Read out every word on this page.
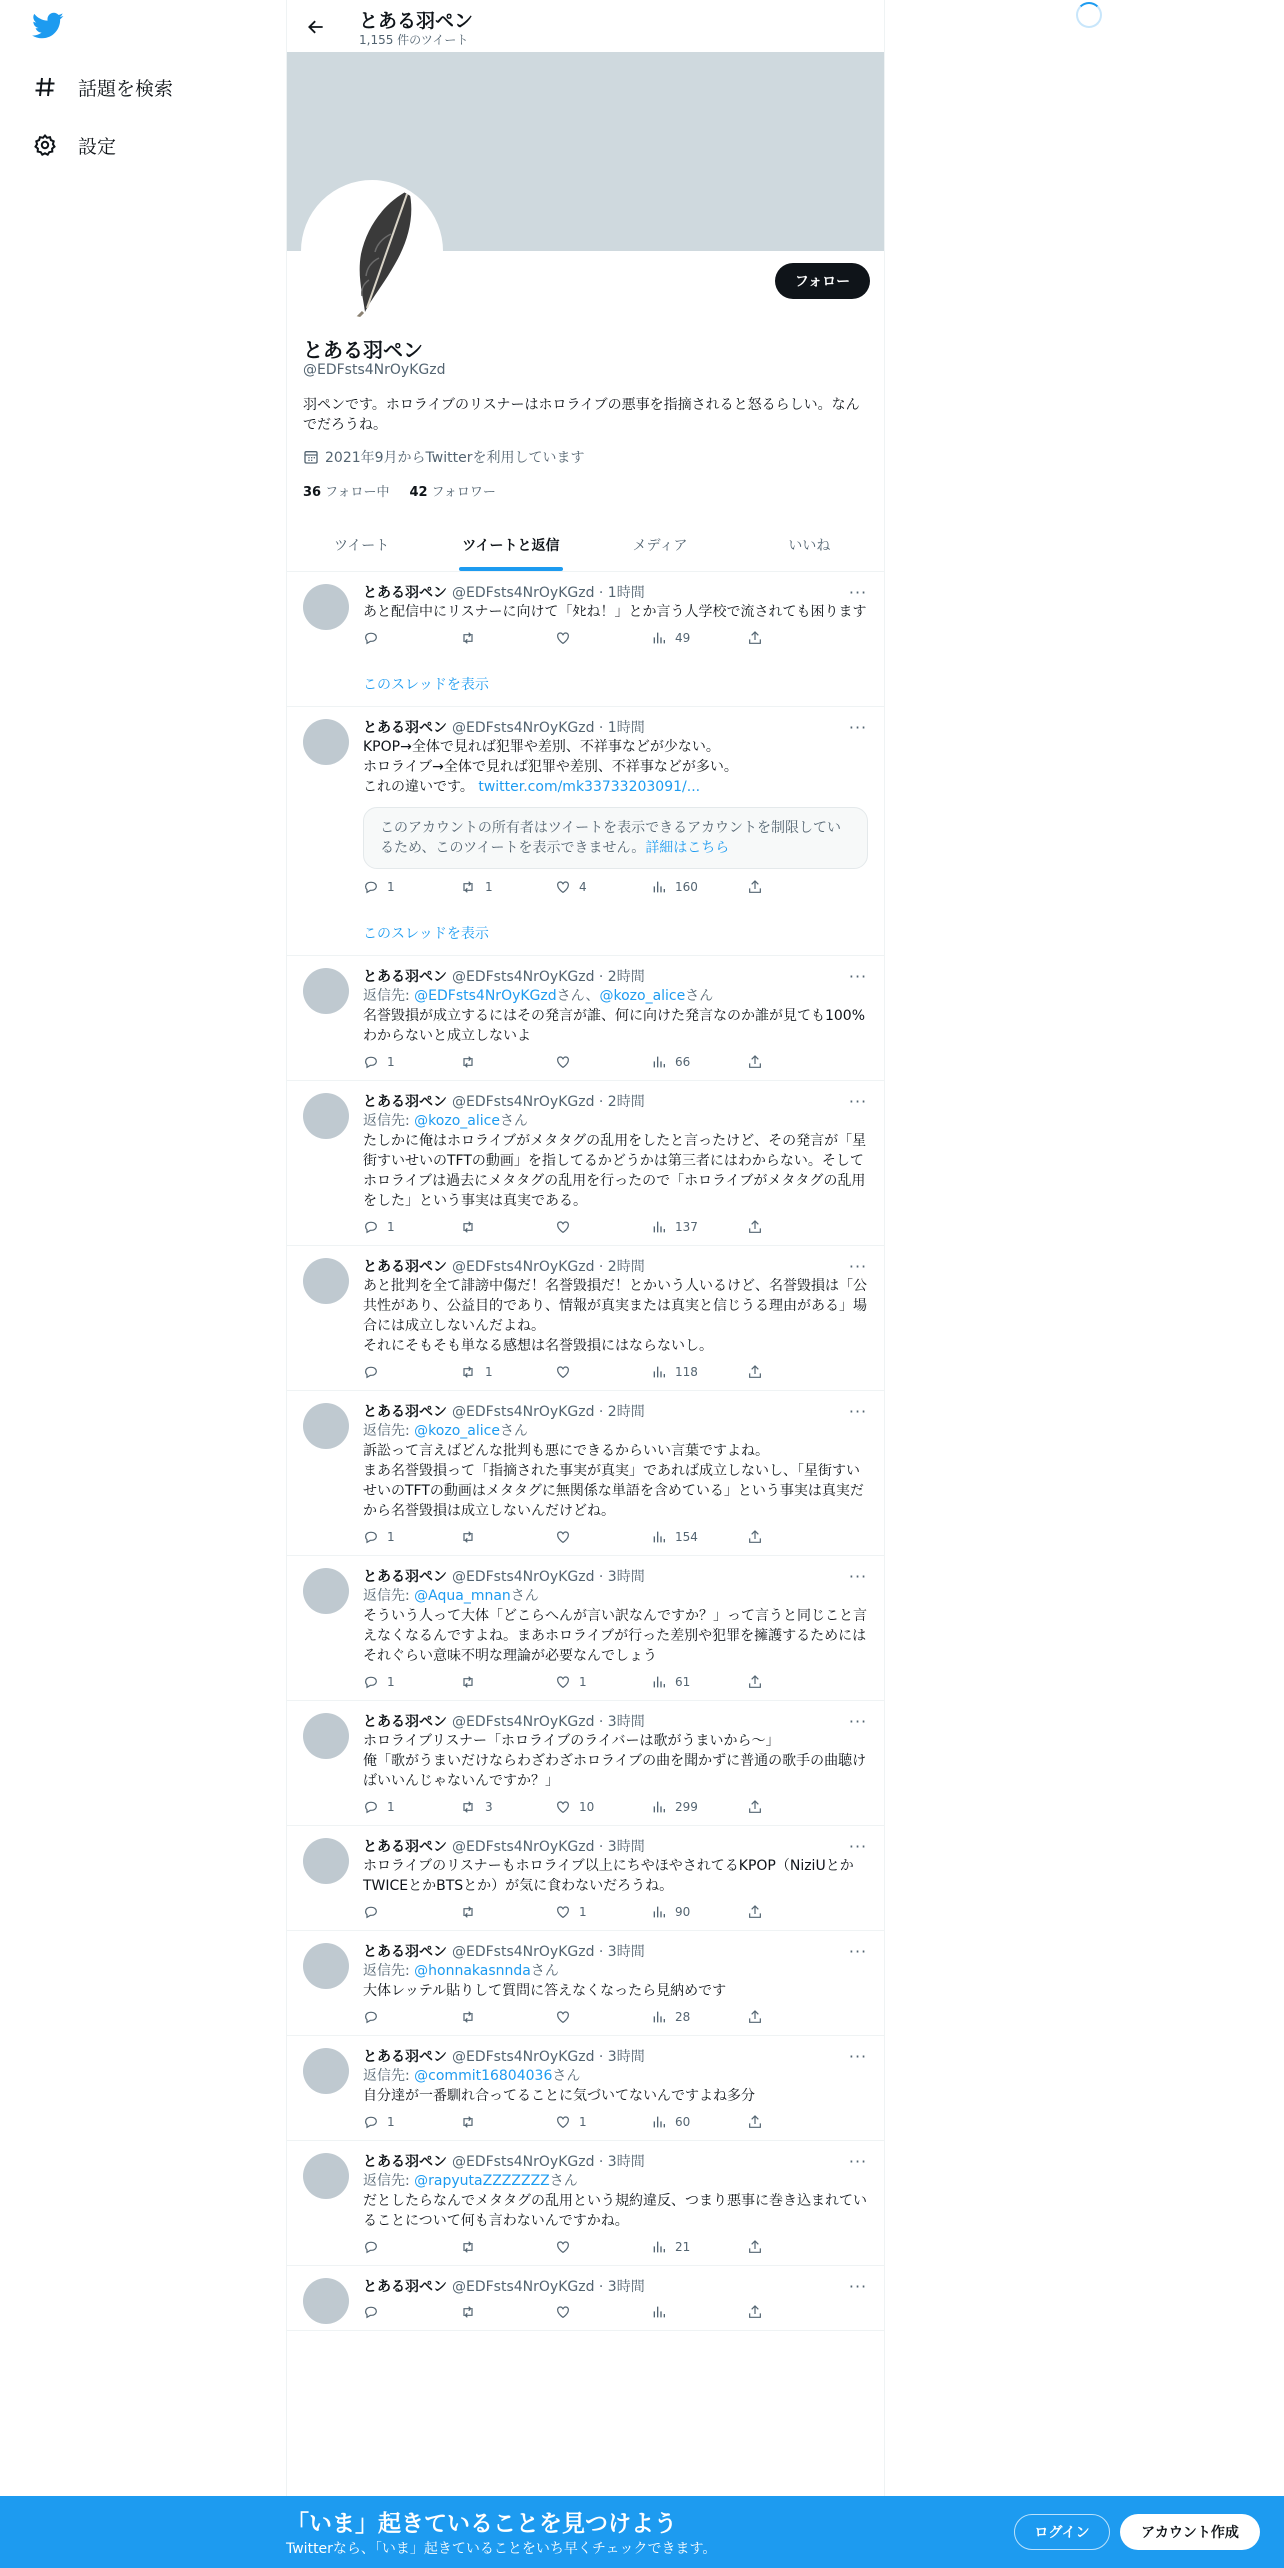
話題を検索
設定
とある羽ペン
1,155 件のツイート
フォロー
とある羽ペン
@EDFsts4NrOyKGzd
羽ペンです。ホロライブのリスナーはホロライブの悪事を指摘されると怒るらしい。なんでだろうね。
2021年9月からTwitterを利用しています
36 フォロー中 42 フォロワー
ツイート	ツイートと返信	メディア	いいね
···
とある羽ペン @EDFsts4NrOyKGzd · 1時間
あと配信中にリスナーに向けて「ﾀﾋね！」とか言う人学校で流されても困ります
49
このスレッドを表示
···
とある羽ペン @EDFsts4NrOyKGzd · 1時間
KPOP→全体で見れば犯罪や差別、不祥事などが少ない。
ホロライブ→全体で見れば犯罪や差別、不祥事などが多い。
これの違いです。 twitter.com/mk33733203091/...
このアカウントの所有者はツイートを表示できるアカウントを制限しているため、このツイートを表示できません。詳細はこちら
1	1	4	160
このスレッドを表示
···
とある羽ペン @EDFsts4NrOyKGzd · 2時間
返信先: @EDFsts4NrOyKGzdさん、@kozo_aliceさん
名誉毀損が成立するにはその発言が誰、何に向けた発言なのか誰が見ても100%わからないと成立しないよ
1	66
···
とある羽ペン @EDFsts4NrOyKGzd · 2時間
返信先: @kozo_aliceさん
たしかに俺はホロライブがメタタグの乱用をしたと言ったけど、その発言が「星街すいせいのTFTの動画」を指してるかどうかは第三者にはわからない。そしてホロライブは過去にメタタグの乱用を行ったので「ホロライブがメタタグの乱用をした」という事実は真実である。
1	137
···
とある羽ペン @EDFsts4NrOyKGzd · 2時間
あと批判を全て誹謗中傷だ！名誉毀損だ！とかいう人いるけど、名誉毀損は「公共性があり、公益目的であり、情報が真実または真実と信じうる理由がある」場合には成立しないんだよね。
それにそもそも単なる感想は名誉毀損にはならないし。
1	118
···
とある羽ペン @EDFsts4NrOyKGzd · 2時間
返信先: @kozo_aliceさん
訴訟って言えばどんな批判も悪にできるからいい言葉ですよね。
まあ名誉毀損って「指摘された事実が真実」であれば成立しないし、「星街すいせいのTFTの動画はメタタグに無関係な単語を含めている」という事実は真実だから名誉毀損は成立しないんだけどね。
1	154
···
とある羽ペン @EDFsts4NrOyKGzd · 3時間
返信先: @Aqua_mnanさん
そういう人って大体「どこらへんが言い訳なんですか？」って言うと同じこと言えなくなるんですよね。まあホロライブが行った差別や犯罪を擁護するためにはそれぐらい意味不明な理論が必要なんでしょう
1	1	61
···
とある羽ペン @EDFsts4NrOyKGzd · 3時間
ホロライブリスナー「ホロライブのライバーは歌がうまいから〜」
俺「歌がうまいだけならわざわざホロライブの曲を聞かずに普通の歌手の曲聴けばいいんじゃないんですか？」
1	3	10	299
···
とある羽ペン @EDFsts4NrOyKGzd · 3時間
ホロライブのリスナーもホロライブ以上にちやほやされてるKPOP（NiziUとかTWICEとかBTSとか）が気に食わないだろうね。
1	90
···
とある羽ペン @EDFsts4NrOyKGzd · 3時間
返信先: @honnakasnndaさん
大体レッテル貼りして質問に答えなくなったら見納めです
28
···
とある羽ペン @EDFsts4NrOyKGzd · 3時間
返信先: @commit16804036さん
自分達が一番馴れ合ってることに気づいてないんですよね多分
1	1	60
···
とある羽ペン @EDFsts4NrOyKGzd · 3時間
返信先: @rapyutaZZZZZZZさん
だとしたらなんでメタタグの乱用という規約違反、つまり悪事に巻き込まれていることについて何も言わないんですかね。
21
···
とある羽ペン @EDFsts4NrOyKGzd · 3時間
「いま」起きていることを見つけよう
Twitterなら、「いま」起きていることをいち早くチェックできます。
ログイン	アカウント作成
